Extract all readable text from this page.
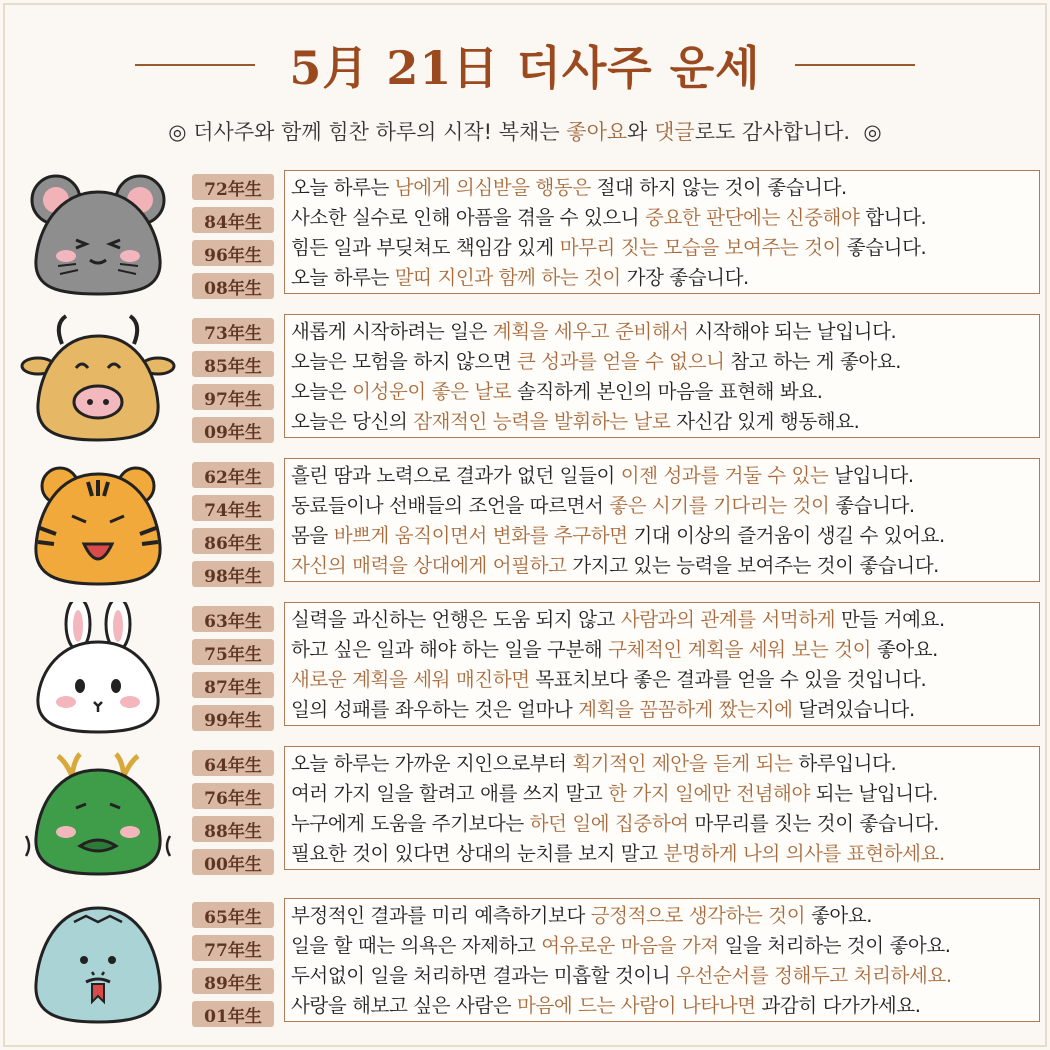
5月 21日 더사주 운세
◎ 더사주와 함께 힘찬 하루의 시작! 복채는 좋아요와 댓글로도 감사합니다. ◎
72年生
84年生
96年生
08年生
오늘 하루는 남에게 의심받을 행동은 절대 하지 않는 것이 좋습니다.
사소한 실수로 인해 아픔을 겪을 수 있으니 중요한 판단에는 신중해야 합니다.
힘든 일과 부딪쳐도 책임감 있게 마무리 짓는 모습을 보여주는 것이 좋습니다.
오늘 하루는 말띠 지인과 함께 하는 것이 가장 좋습니다.
73年生
85年生
97年生
09年生
새롭게 시작하려는 일은 계획을 세우고 준비해서 시작해야 되는 날입니다.
오늘은 모험을 하지 않으면 큰 성과를 얻을 수 없으니 참고 하는 게 좋아요.
오늘은 이성운이 좋은 날로 솔직하게 본인의 마음을 표현해 봐요.
오늘은 당신의 잠재적인 능력을 발휘하는 날로 자신감 있게 행동해요.
62年生
74年生
86年生
98年生
흘린 땀과 노력으로 결과가 없던 일들이 이젠 성과를 거둘 수 있는 날입니다.
동료들이나 선배들의 조언을 따르면서 좋은 시기를 기다리는 것이 좋습니다.
몸을 바쁘게 움직이면서 변화를 추구하면 기대 이상의 즐거움이 생길 수 있어요.
자신의 매력을 상대에게 어필하고 가지고 있는 능력을 보여주는 것이 좋습니다.
63年生
75年生
87年生
99年生
실력을 과신하는 언행은 도움 되지 않고 사람과의 관계를 서먹하게 만들 거예요.
하고 싶은 일과 해야 하는 일을 구분해 구체적인 계획을 세워 보는 것이 좋아요.
새로운 계획을 세워 매진하면 목표치보다 좋은 결과를 얻을 수 있을 것입니다.
일의 성패를 좌우하는 것은 얼마나 계획을 꼼꼼하게 짰는지에 달려있습니다.
64年生
76年生
88年生
00年生
오늘 하루는 가까운 지인으로부터 획기적인 제안을 듣게 되는 하루입니다.
여러 가지 일을 할려고 애를 쓰지 말고 한 가지 일에만 전념해야 되는 날입니다.
누구에게 도움을 주기보다는 하던 일에 집중하여 마무리를 짓는 것이 좋습니다.
필요한 것이 있다면 상대의 눈치를 보지 말고 분명하게 나의 의사를 표현하세요.
65年生
77年生
89年生
01年生
부정적인 결과를 미리 예측하기보다 긍정적으로 생각하는 것이 좋아요.
일을 할 때는 의욕은 자제하고 여유로운 마음을 가져 일을 처리하는 것이 좋아요.
두서없이 일을 처리하면 결과는 미흡할 것이니 우선순서를 정해두고 처리하세요.
사랑을 해보고 싶은 사람은 마음에 드는 사람이 나타나면 과감히 다가가세요.
